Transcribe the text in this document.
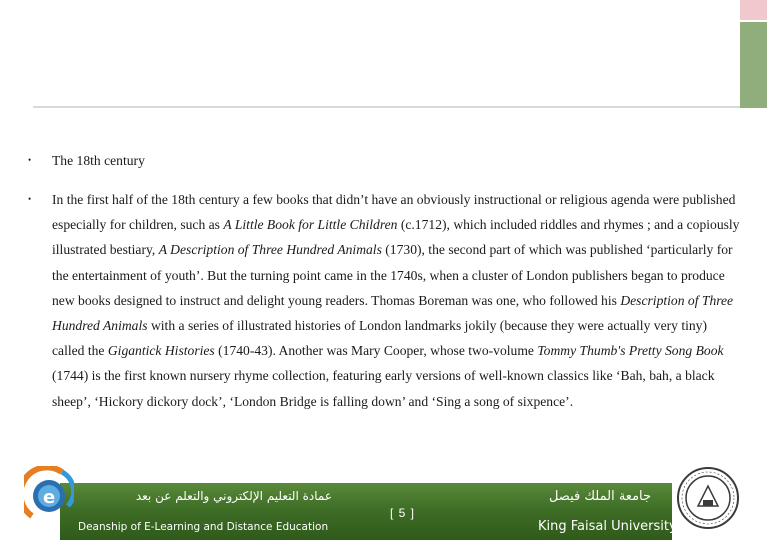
• The 18th century
• In the first half of the 18th century a few books that didn’t have an obviously instructional or religious agenda were published especially for children, such as A Little Book for Little Children (c.1712), which included riddles and rhymes ; and a copiously illustrated bestiary, A Description of Three Hundred Animals (1730), the second part of which was published ‘particularly for the entertainment of youth’. But the turning point came in the 1740s, when a cluster of London publishers began to produce new books designed to instruct and delight young readers. Thomas Boreman was one, who followed his Description of Three Hundred Animals with a series of illustrated histories of London landmarks jokily (because they were actually very tiny) called the Gigantick Histories (1740-43). Another was Mary Cooper, whose two-volume Tommy Thumb's Pretty Song Book (1744) is the first known nursery rhyme collection, featuring early versions of well-known classics like ‘Bah, bah, a black sheep’, ‘Hickory dickory dock’, ‘London Bridge is falling down’ and ‘Sing a song of sixpence’.

e	عمادة التعليم الإلكتروني والتعلم عن بعد
Deanship of E-Learning and Distance Education
[ 5 ]
جامعة الملك فيصل
King Faisal University
